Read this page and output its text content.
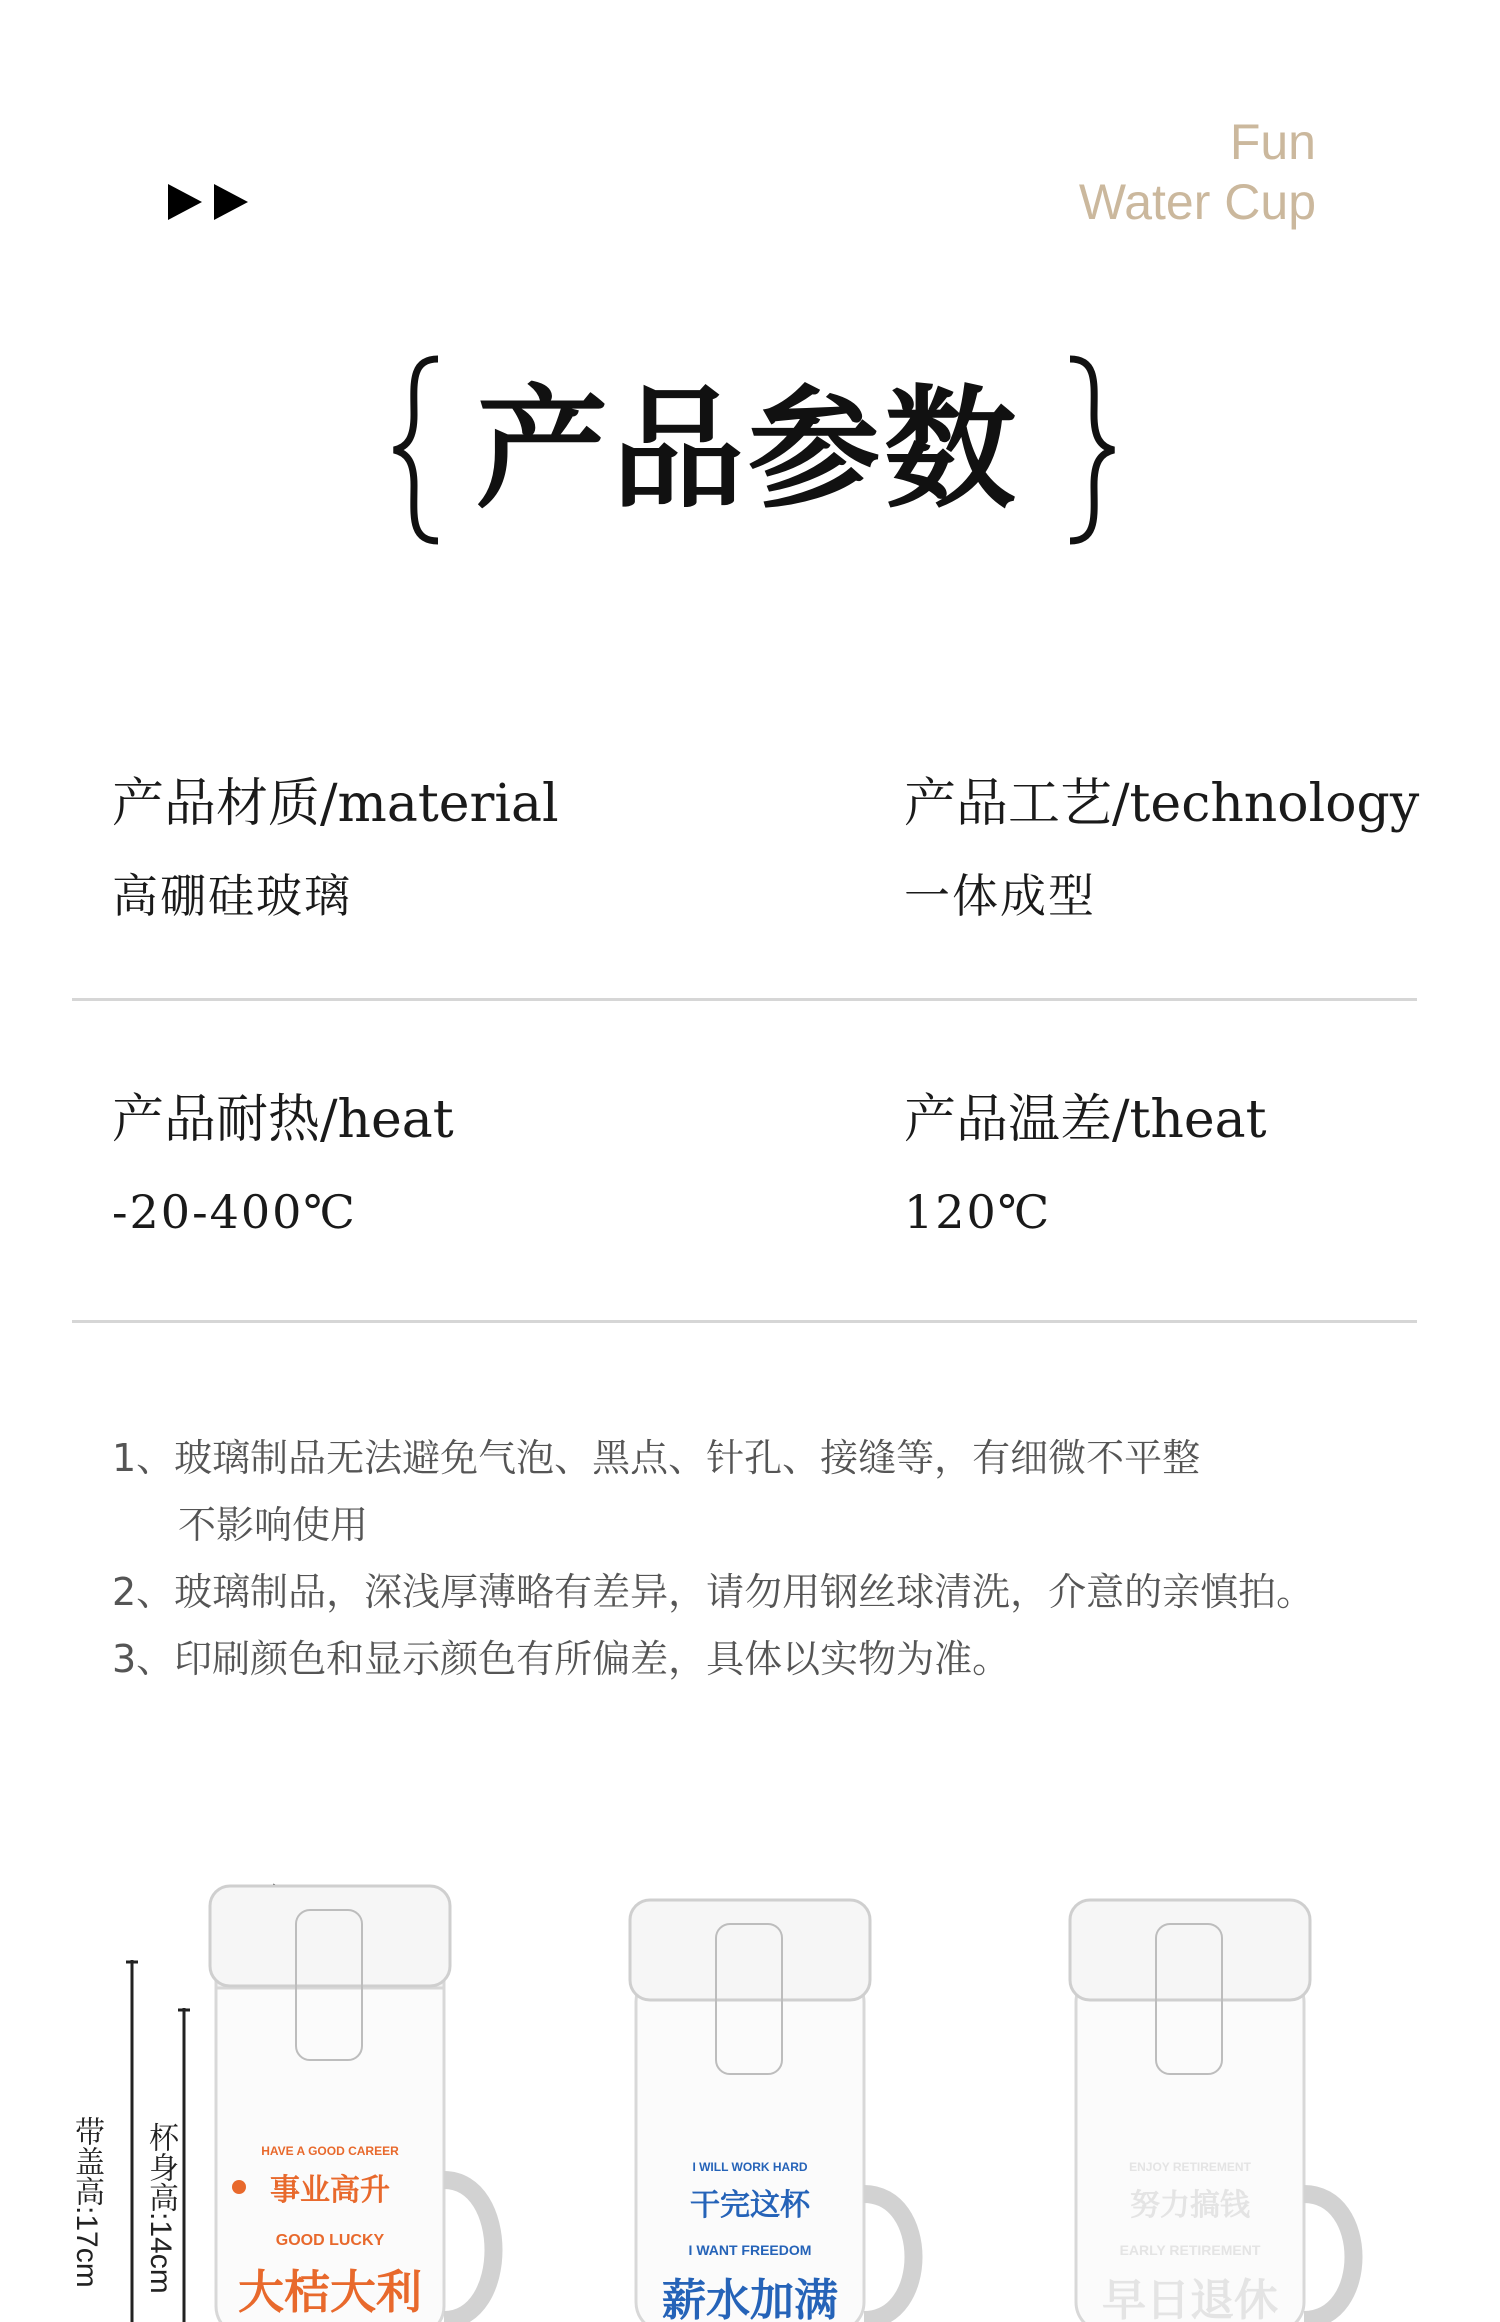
Fun
Water Cup
产品参数
产品材质/material
高硼硅玻璃
产品工艺/technology
一体成型
产品耐热/heat
-20-400℃
产品温差/theat
120℃
1、玻璃制品无法避免气泡、黑点、针孔、接缝等，有细微不平整
不影响使用
2、玻璃制品，深浅厚薄略有差异，请勿用钢丝球清洗，介意的亲慎拍。
3、印刷颜色和显示颜色有所偏差，具体以实物为准。
带盖高:17cm 杯身高:14cm	HAVE A GOOD CAREER
事业高升
GOOD LUCKY
大桔大利
I WILL WORK HARD
干完这杯
I WANT FREEDOM
薪水加满
ENJOY RETIREMENT
努力搞钱
EARLY RETIREMENT
早日退休
